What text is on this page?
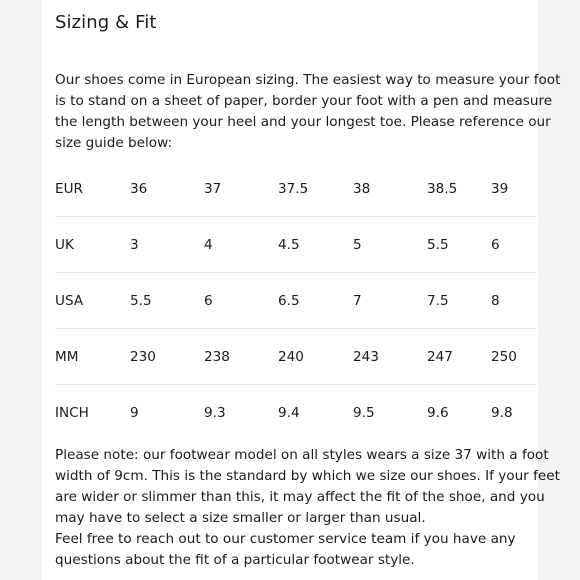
Sizing & Fit

Our shoes come in European sizing. The easiest way to measure your foot

is to stand on a sheet of paper, border your foot with a pen and measure

the length between your heel and your longest toe. Please reference our

size guide below:

EUR	36	37	37.5	38	38.5	39
UK	3	4	4.5	5	5.5	6
USA	5.5	6	6.5	7	7.5	8
MM	230	238	240	243	247	250
INCH	9	9.3	9.4	9.5	9.6	9.8

Please note: our footwear model on all styles wears a size 37 with a foot

width of 9cm. This is the standard by which we size our shoes. If your feet

are wider or slimmer than this, it may affect the fit of the shoe, and you

may have to select a size smaller or larger than usual.

Feel free to reach out to our customer service team if you have any

questions about the fit of a particular footwear style.
